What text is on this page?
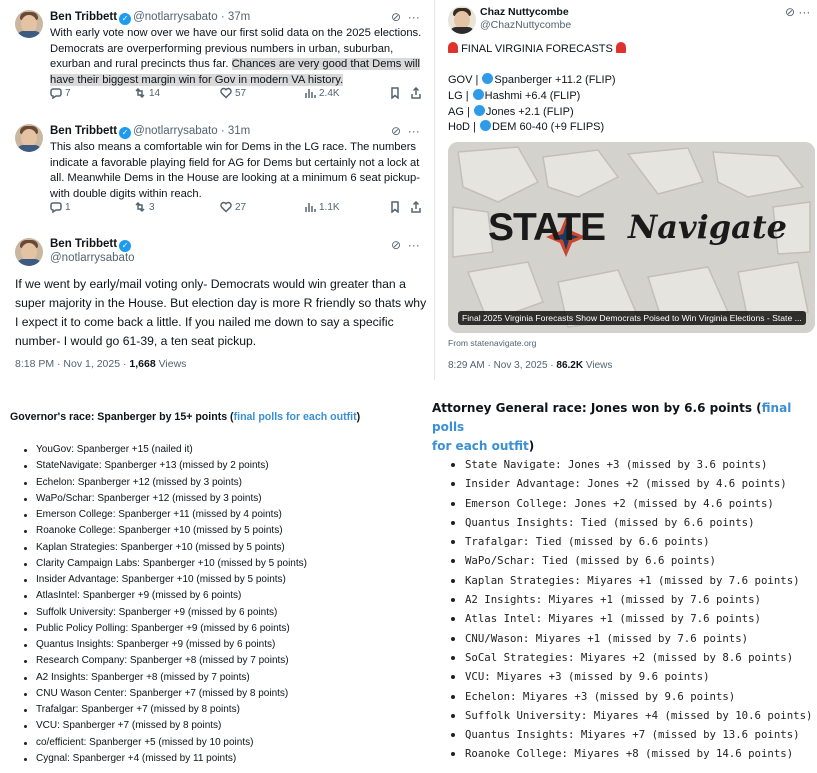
Ben Tribbett ✓ @notlarrysabato · 37m	⊘ ···
With early vote now over we have our first solid data on the 2025 elections. Democrats are overperforming previous numbers in urban, suburban, exurban and rural precincts thus far. Chances are very good that Dems will have their biggest margin win for Gov in modern VA history.
7	14	57	2.4K
Ben Tribbett ✓ @notlarrysabato · 31m	⊘ ···
This also means a comfortable win for Dems in the LG race. The numbers indicate a favorable playing field for AG for Dems but certainly not a lock at all. Meanwhile Dems in the House are looking at a minimum 6 seat pickup- with double digits within reach.
1	3	27	1.1K
Ben Tribbett ✓
@notlarrysabato
⊘ ···
If we went by early/mail voting only- Democrats would win greater than a super majority in the House. But election day is more R friendly so thats why I expect it to come back a little. If you nailed me down to say a specific number- I would go 61-39, a ten seat pickup.
8:18 PM · Nov 1, 2025 · 1,668 Views
Chaz Nuttycombe
@ChazNuttycombe
⊘ ···
FINAL VIRGINIA FORECASTS
GOV | Spanberger +11.2 (FLIP)
LG | Hashmi +6.4 (FLIP)
AG | Jones +2.1 (FLIP)
HoD | DEM 60-40 (+9 FLIPS)
STATE Navigate
Final 2025 Virginia Forecasts Show Democrats Poised to Win Virginia Elections - State ...
From statenavigate.org
8:29 AM · Nov 3, 2025 · 86.2K Views
Governor's race: Spanberger by 15+ points (final polls for each outfit)
YouGov: Spanberger +15 (nailed it)
StateNavigate: Spanberger +13 (missed by 2 points)
Echelon: Spanberger +12 (missed by 3 points)
WaPo/Schar: Spanberger +12 (missed by 3 points)
Emerson College: Spanberger +11 (missed by 4 points)
Roanoke College: Spanberger +10 (missed by 5 points)
Kaplan Strategies: Spanberger +10 (missed by 5 points)
Clarity Campaign Labs: Spanberger +10 (missed by 5 points)
Insider Advantage: Spanberger +10 (missed by 5 points)
AtlasIntel: Spanberger +9 (missed by 6 points)
Suffolk University: Spanberger +9 (missed by 6 points)
Public Policy Polling: Spanberger +9 (missed by 6 points)
Quantus Insights: Spanberger +9 (missed by 6 points)
Research Company: Spanberger +8 (missed by 7 points)
A2 Insights: Spanberger +8 (missed by 7 points)
CNU Wason Center: Spanberger +7 (missed by 8 points)
Trafalgar: Spanberger +7 (missed by 8 points)
VCU: Spanberger +7 (missed by 8 points)
co/efficient: Spanberger +5 (missed by 10 points)
Cygnal: Spanberger +4 (missed by 11 points)
Attorney General race: Jones won by 6.6 points (final polls
for each outfit)
State Navigate: Jones +3 (missed by 3.6 points)
Insider Advantage: Jones +2 (missed by 4.6 points)
Emerson College: Jones +2 (missed by 4.6 points)
Quantus Insights: Tied (missed by 6.6 points)
Trafalgar: Tied (missed by 6.6 points)
WaPo/Schar: Tied (missed by 6.6 points)
Kaplan Strategies: Miyares +1 (missed by 7.6 points)
A2 Insights: Miyares +1 (missed by 7.6 points)
Atlas Intel: Miyares +1 (missed by 7.6 points)
CNU/Wason: Miyares +1 (missed by 7.6 points)
SoCal Strategies: Miyares +2 (missed by 8.6 points)
VCU: Miyares +3 (missed by 9.6 points)
Echelon: Miyares +3 (missed by 9.6 points)
Suffolk University: Miyares +4 (missed by 10.6 points)
Quantus Insights: Miyares +7 (missed by 13.6 points)
Roanoke College: Miyares +8 (missed by 14.6 points)
